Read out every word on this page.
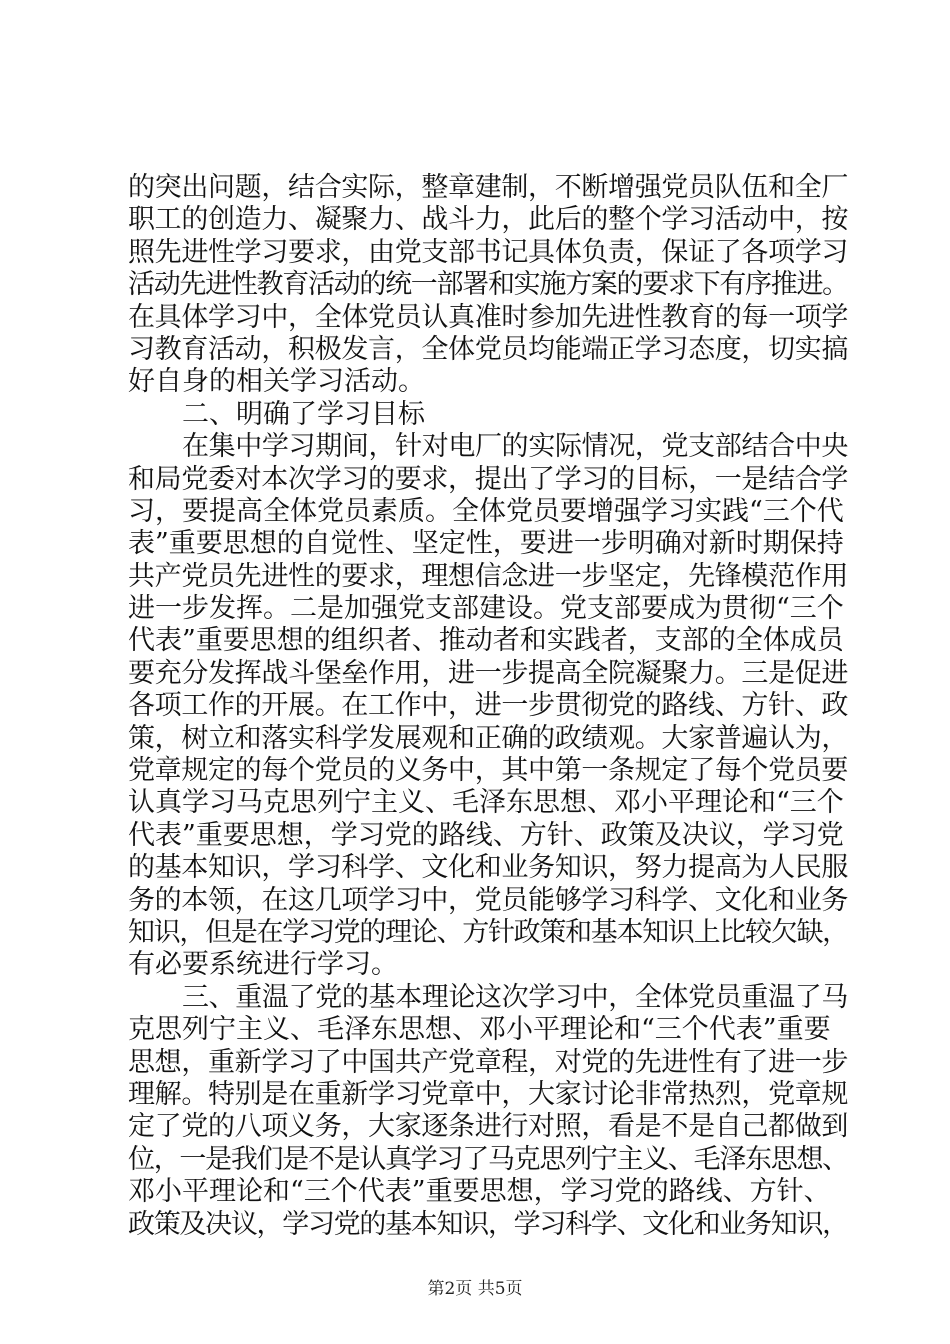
的突出问题，结合实际，整章建制，不断增强党员队伍和全厂
职工的创造力、凝聚力、战斗力，此后的整个学习活动中，按
照先进性学习要求，由党支部书记具体负责，保证了各项学习
活动先进性教育活动的统一部署和实施方案的要求下有序推进。
在具体学习中，全体党员认真准时参加先进性教育的每一项学
习教育活动，积极发言，全体党员均能端正学习态度，切实搞
好自身的相关学习活动。
二、明确了学习目标
在集中学习期间，针对电厂的实际情况，党支部结合中央
和局党委对本次学习的要求，提出了学习的目标，一是结合学
习，要提高全体党员素质。全体党员要增强学习实践“三个代
表”重要思想的自觉性、坚定性，要进一步明确对新时期保持
共产党员先进性的要求，理想信念进一步坚定，先锋模范作用
进一步发挥。二是加强党支部建设。党支部要成为贯彻“三个
代表”重要思想的组织者、推动者和实践者，支部的全体成员
要充分发挥战斗堡垒作用，进一步提高全院凝聚力。三是促进
各项工作的开展。在工作中，进一步贯彻党的路线、方针、政
策，树立和落实科学发展观和正确的政绩观。大家普遍认为，
党章规定的每个党员的义务中，其中第一条规定了每个党员要
认真学习马克思列宁主义、毛泽东思想、邓小平理论和“三个
代表”重要思想，学习党的路线、方针、政策及决议，学习党
的基本知识，学习科学、文化和业务知识，努力提高为人民服
务的本领，在这几项学习中，党员能够学习科学、文化和业务
知识，但是在学习党的理论、方针政策和基本知识上比较欠缺，
有必要系统进行学习。
三、重温了党的基本理论这次学习中，全体党员重温了马
克思列宁主义、毛泽东思想、邓小平理论和“三个代表”重要
思想，重新学习了中国共产党章程，对党的先进性有了进一步
理解。特别是在重新学习党章中，大家讨论非常热烈，党章规
定了党的八项义务，大家逐条进行对照，看是不是自己都做到
位，一是我们是不是认真学习了马克思列宁主义、毛泽东思想、
邓小平理论和“三个代表”重要思想，学习党的路线、方针、
政策及决议，学习党的基本知识，学习科学、文化和业务知识，
第2页 共5页
